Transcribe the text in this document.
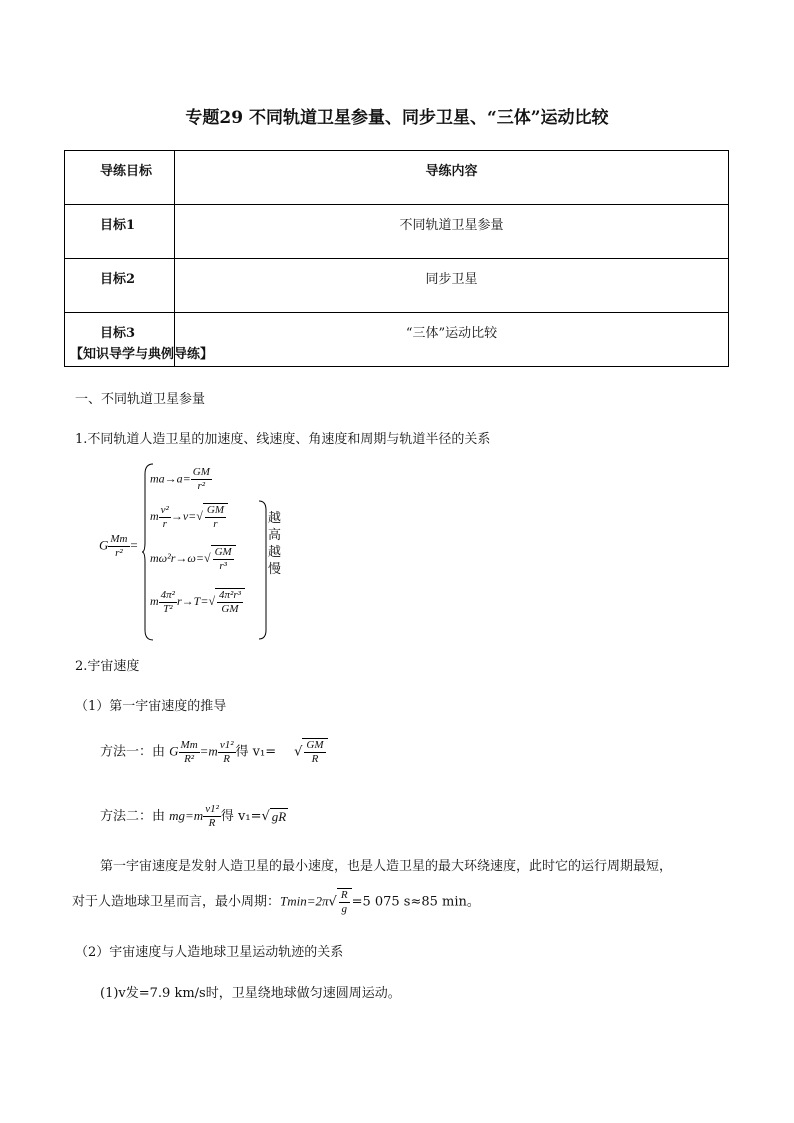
专题29 不同轨道卫星参量、同步卫星、“三体”运动比较
导练目标	导练内容
目标1	不同轨道卫星参量
目标2	同步卫星
目标3	“三体”运动比较
【知识导学与典例导练】
一、不同轨道卫星参量
1.不同轨道人造卫星的加速度、线速度、角速度和周期与轨道半径的关系
G $\frac{Mm}{\text{r²}}$ =
$ma\to a= \frac{GM}{\text{r²}}$
m $\frac{\text{v²}}{r} \to v=√ \frac{GM}{r}$
$m\omega^2r\to\omega=√ \frac{GM}{\text{r³}}$
m $\frac{\text{4π²}}{\text{T²}} r\to T=√ \frac{\text{4π²r³}}{GM}$
越
高
越
慢
2.宇宙速度
（1）第一宇宙速度的推导
方法一：由 G $\frac{Mm}{\text{R²}} =m \frac{\text{v1²}}{R}$ 得 v₁= √ $\frac{GM}{R}$
方法二：由 $mg=m \frac{\text{v1²}}{R}$ 得 v₁=√ gR
第一宇宙速度是发射人造卫星的最小速度，也是人造卫星的最大环绕速度，此时它的运行周期最短，
对于人造地球卫星而言，最小周期：$Tmin=2\pi√ \frac{R}{g} =5$ 075 s≈85 min。
（2）宇宙速度与人造地球卫星运动轨迹的关系
(1)v发=7.9 km/s时，卫星绕地球做匀速圆周运动。
